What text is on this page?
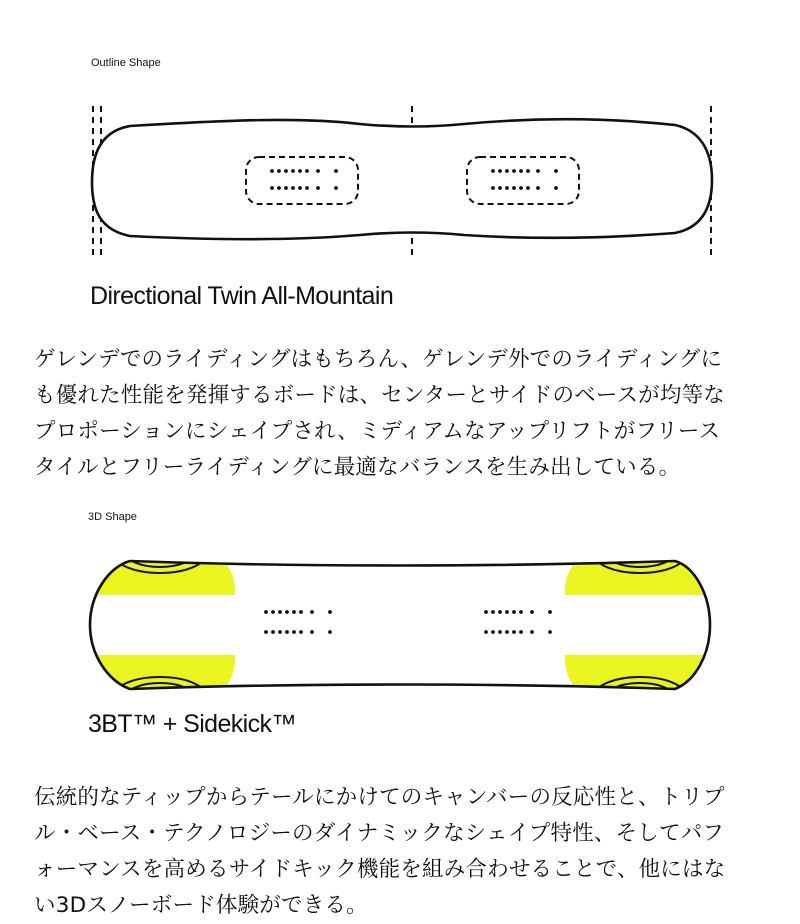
Outline Shape
Directional Twin All-Mountain

ゲレンデでのライディングはもちろん、ゲレンデ外でのライディングに
も優れた性能を発揮するボードは、センターとサイドのベースが均等な
プロポーションにシェイプされ、ミディアムなアップリフトがフリース
タイルとフリーライディングに最適なバランスを生み出している。

3D Shape
3BT™ + Sidekick™

伝統的なティップからテールにかけてのキャンバーの反応性と、トリプ
ル・ベース・テクノロジーのダイナミックなシェイプ特性、そしてパフ
ォーマンスを高めるサイドキック機能を組み合わせることで、他にはな
い3Dスノーボード体験ができる。
